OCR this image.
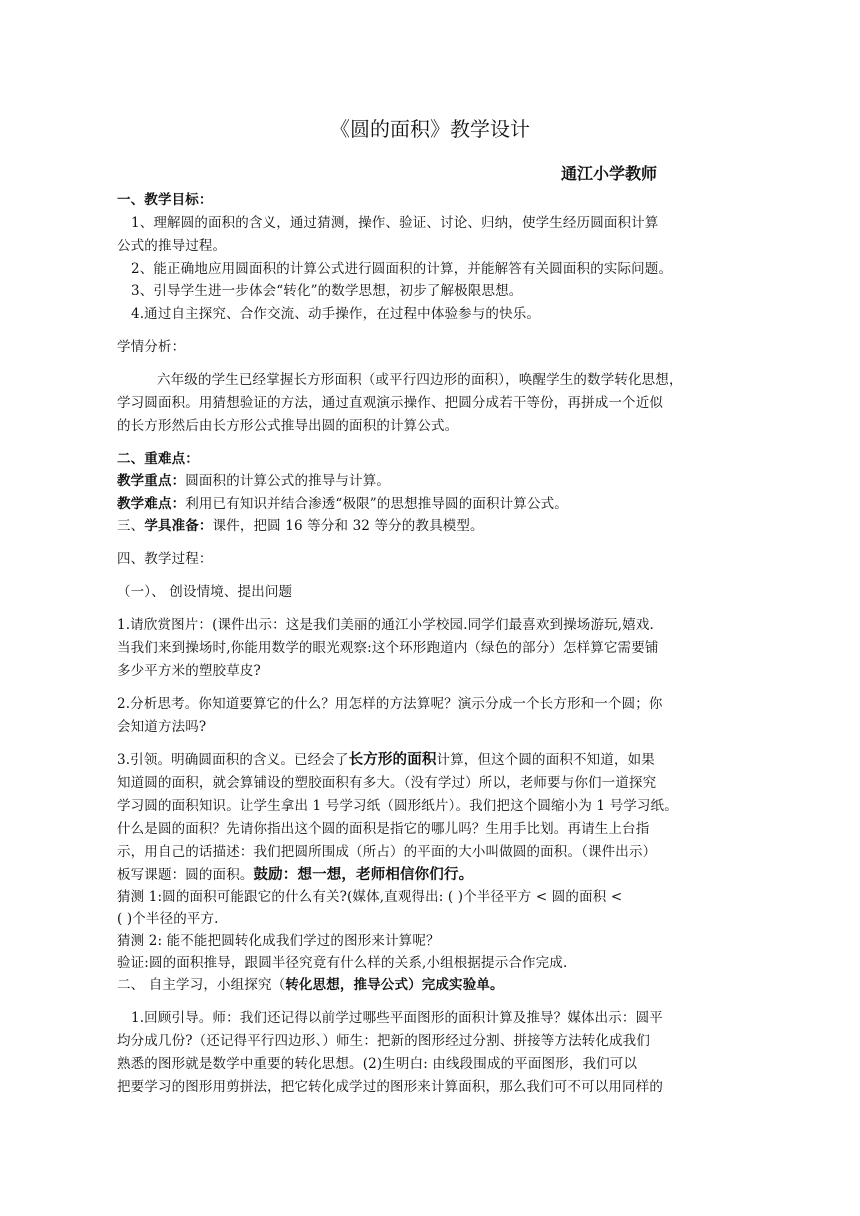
《圆的面积》教学设计
通江小学教师
一、教学目标：
1、理解圆的面积的含义，通过猜测，操作、验证、讨论、归纳，使学生经历圆面积计算
公式的推导过程。
2、能正确地应用圆面积的计算公式进行圆面积的计算，并能解答有关圆面积的实际问题。
3、引导学生进一步体会“转化”的数学思想，初步了解极限思想。
4.通过自主探究、合作交流、动手操作，在过程中体验参与的快乐。
学情分析：
六年级的学生已经掌握长方形面积（或平行四边形的面积），唤醒学生的数学转化思想，
学习圆面积。用猜想验证的方法，通过直观演示操作、把圆分成若干等份，再拼成一个近似
的长方形然后由长方形公式推导出圆的面积的计算公式。
二、重难点：
教学重点：圆面积的计算公式的推导与计算。
教学难点：利用已有知识并结合渗透“极限”的思想推导圆的面积计算公式。
三、学具准备：课件，把圆 16 等分和 32 等分的教具模型。
四、教学过程：
（一）、 创设情境、提出问题
1.请欣赏图片：(课件出示：这是我们美丽的通江小学校园.同学们最喜欢到操场游玩,嬉戏.
当我们来到操场时,你能用数学的眼光观察:这个环形跑道内（绿色的部分）怎样算它需要铺
多少平方米的塑胶草皮?
2.分析思考。你知道要算它的什么？用怎样的方法算呢？演示分成一个长方形和一个圆；你
会知道方法吗?
3.引领。明确圆面积的含义。已经会了长方形的面积计算，但这个圆的面积不知道，如果
知道圆的面积，就会算铺设的塑胶面积有多大。（没有学过）所以，老师要与你们一道探究
学习圆的面积知识。让学生拿出 1 号学习纸（圆形纸片）。我们把这个圆缩小为 1 号学习纸。
什么是圆的面积？先请你指出这个圆的面积是指它的哪儿吗？生用手比划。再请生上台指
示，用自己的话描述：我们把圆所围成（所占）的平面的大小叫做圆的面积。（课件出示）
板写课题：圆的面积。鼓励：想一想，老师相信你们行。
猜测 1:圆的面积可能跟它的什么有关?(媒体,直观得出: ( )个半径平方 < 圆的面积 <
( )个半径的平方.
猜测 2: 能不能把圆转化成我们学过的图形来计算呢？
验证:圆的面积推导，跟圆半径究竟有什么样的关系,小组根据提示合作完成.
二、 自主学习，小组探究（转化思想，推导公式）完成实验单。
1.回顾引导。师：我们还记得以前学过哪些平面图形的面积计算及推导？媒体出示：圆平
均分成几份?（还记得平行四边形、）师生：把新的图形经过分割、拼接等方法转化成我们
熟悉的图形就是数学中重要的转化思想。(2)生明白: 由线段围成的平面图形，我们可以
把要学习的图形用剪拼法，把它转化成学过的图形来计算面积，那么我们可不可以用同样的
